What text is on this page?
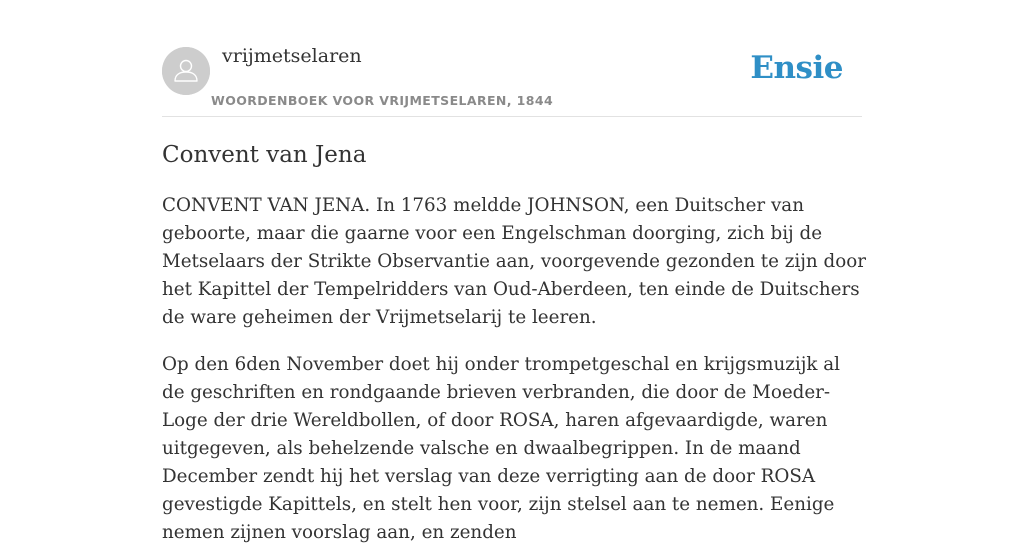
vrijmetselaren
WOORDENBOEK VOOR VRIJMETSELAREN, 1844
Ensie
Convent van Jena

CONVENT VAN JENA. In 1763 meldde JOHNSON, een Duitscher van geboorte, maar die gaarne voor een Engelschman doorging, zich bij de Metselaars der Strikte Observantie aan, voorgevende gezonden te zijn door het Kapittel der Tempelridders van Oud-Aberdeen, ten einde de Duitschers de ware geheimen der Vrijmetselarij te leeren.

Op den 6den November doet hij onder trompetgeschal en krijgsmuzijk al de geschriften en rondgaande brieven verbranden, die door de Moeder-Loge der drie Wereldbollen, of door ROSA, haren afgevaardigde, waren uitgegeven, als behelzende valsche en dwaalbegrippen. In de maand December zendt hij het verslag van deze verrigting aan de door ROSA gevestigde Kapittels, en stelt hen voor, zijn stelsel aan te nemen. Eenige nemen zijnen voorslag aan, en zenden
